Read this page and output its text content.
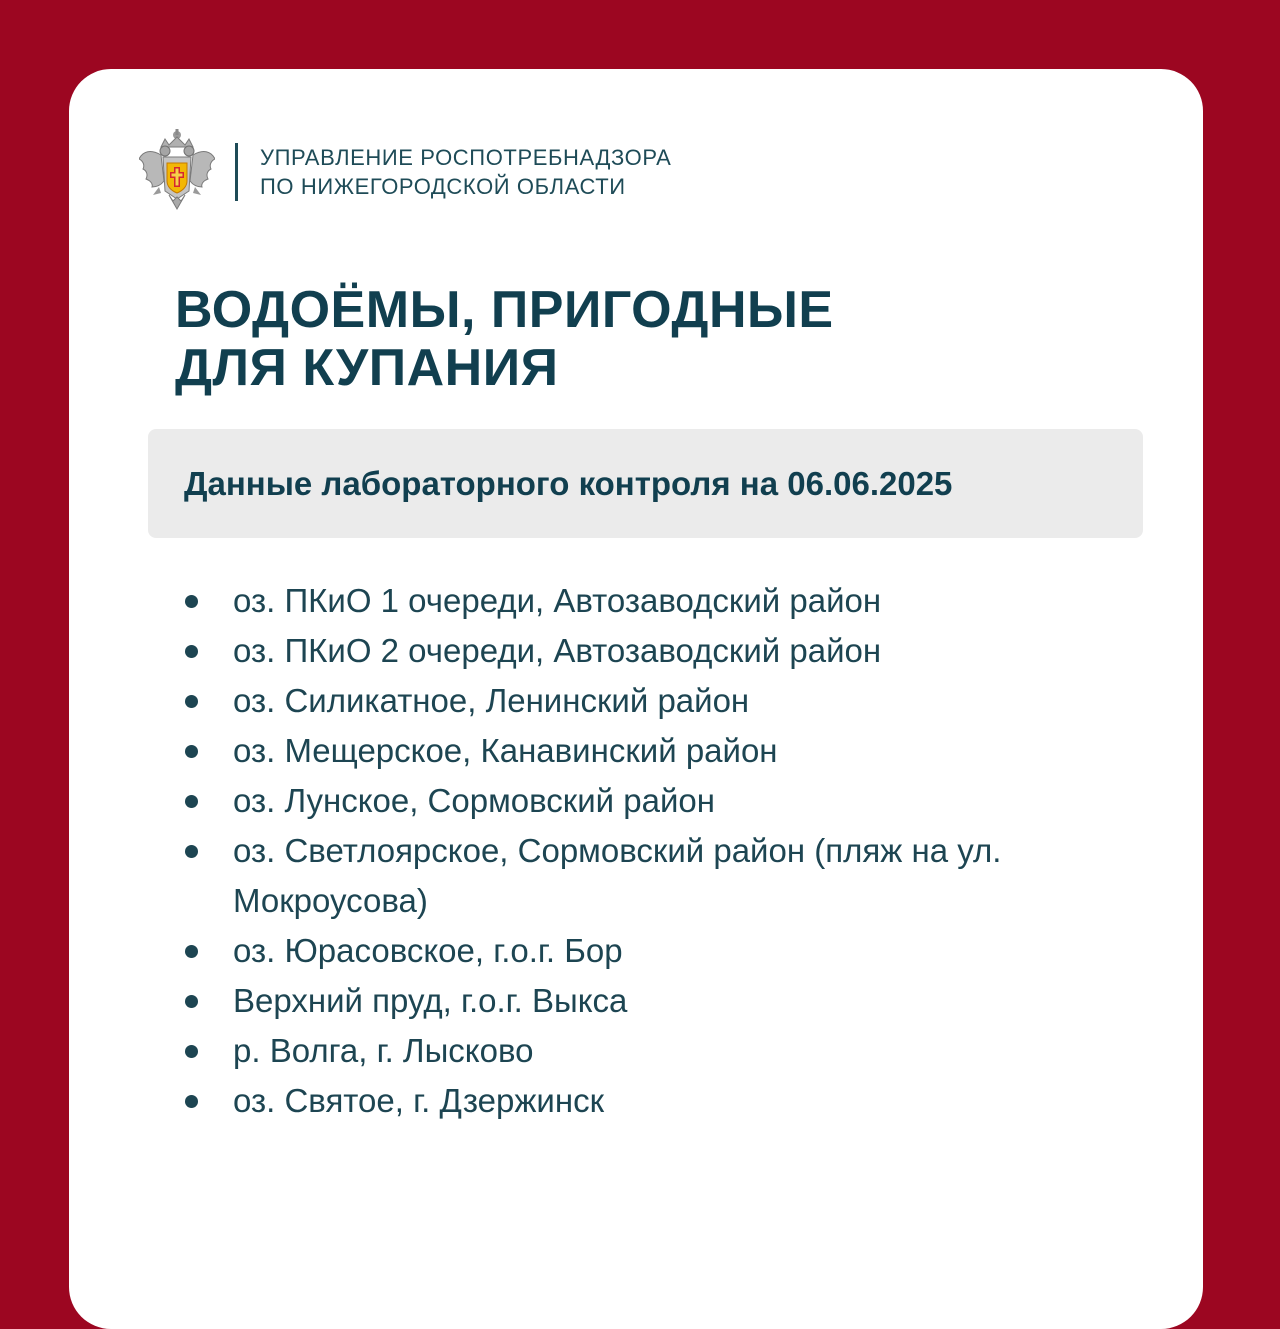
УПРАВЛЕНИЕ РОСПОТРЕБНАДЗОРА
ПО НИЖЕГОРОДСКОЙ ОБЛАСТИ
ВОДОЁМЫ, ПРИГОДНЫЕ
ДЛЯ КУПАНИЯ
Данные лабораторного контроля на 06.06.2025
оз. ПКиО 1 очереди, Автозаводский район
оз. ПКиО 2 очереди, Автозаводский район
оз. Силикатное, Ленинский район
оз. Мещерское, Канавинский район
оз. Лунское, Сормовский район
оз. Светлоярское, Сормовский район (пляж на ул. Мокроусова)
оз. Юрасовское, г.о.г. Бор
Верхний пруд, г.о.г. Выкса
р. Волга, г. Лысково
оз. Святое, г. Дзержинск
